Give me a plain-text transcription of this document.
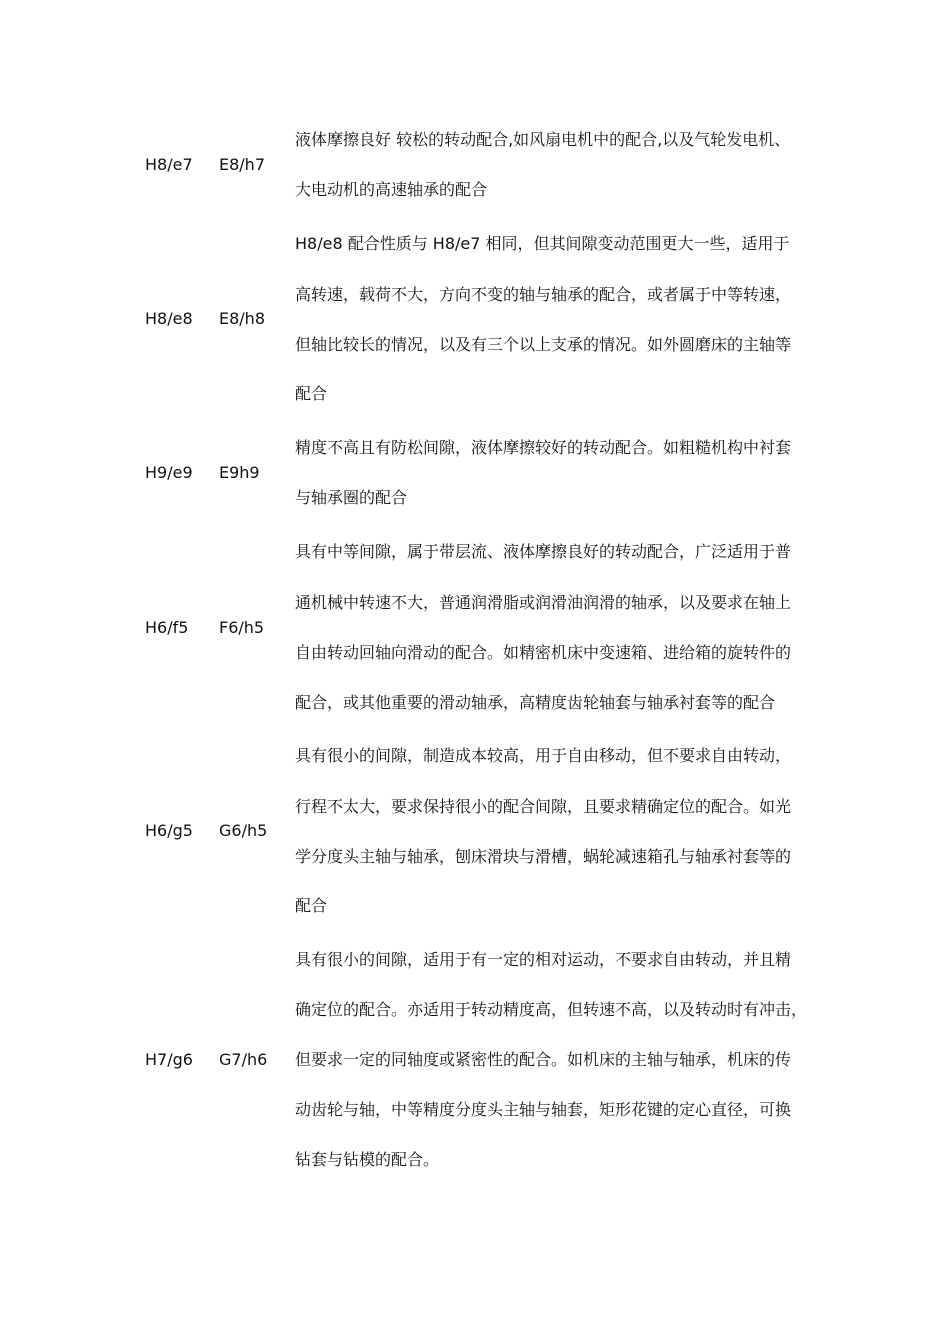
H8/e7 E8/h7
液体摩擦良好 较松的转动配合,如风扇电机中的配合,以及气轮发电机、
大电动机的高速轴承的配合
H8/e8 E8/h8
H8/e8 配合性质与 H8/e7 相同，但其间隙变动范围更大一些，适用于
高转速，载荷不大，方向不变的轴与轴承的配合，或者属于中等转速，
但轴比较长的情况，以及有三个以上支承的情况。如外圆磨床的主轴等
配合
H9/e9 E9h9
精度不高且有防松间隙，液体摩擦较好的转动配合。如粗糙机构中衬套
与轴承圈的配合
H6/f5 F6/h5
具有中等间隙，属于带层流、液体摩擦良好的转动配合，广泛适用于普
通机械中转速不大，普通润滑脂或润滑油润滑的轴承，以及要求在轴上
自由转动回轴向滑动的配合。如精密机床中变速箱、进给箱的旋转件的
配合，或其他重要的滑动轴承，高精度齿轮轴套与轴承衬套等的配合
H6/g5 G6/h5
具有很小的间隙，制造成本较高，用于自由移动，但不要求自由转动，
行程不太大，要求保持很小的配合间隙，且要求精确定位的配合。如光
学分度头主轴与轴承，刨床滑块与滑槽，蜗轮减速箱孔与轴承衬套等的
配合
H7/g6 G7/h6
具有很小的间隙，适用于有一定的相对运动，不要求自由转动，并且精
确定位的配合。亦适用于转动精度高，但转速不高，以及转动时有冲击，
但要求一定的同轴度或紧密性的配合。如机床的主轴与轴承，机床的传
动齿轮与轴，中等精度分度头主轴与轴套，矩形花键的定心直径，可换
钻套与钻模的配合。
